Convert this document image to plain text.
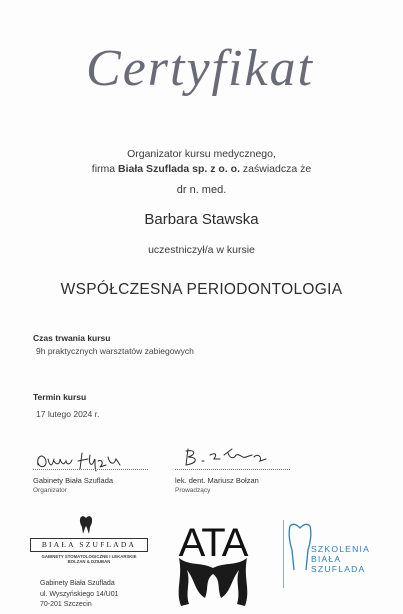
Certyfikat
Organizator kursu medycznego,
firma Biała Szuflada sp. z o. o. zaświadcza że
dr n. med.
Barbara Stawska
uczestniczył/a w kursie
WSPÓŁCZESNA PERIODONTOLOGIA
Czas trwania kursu
9h praktycznych warsztatów zabiegowych
Termin kursu
17 lutego 2024 r.
Gabinety Biała Szuflada
Organizator
lek. dent. Mariusz Bołzan
Prowadzący
BIAŁA SZUFLADA
GABINETY STOMATOLOGICZNE I LEKARSKIE
BOLZAN & DZIUBAN
Gabinety Biała Szuflada
ul. Wyszyńskiego 14/U01
70-201 Szczecin
ATA	SZKOLENIA
BIAŁA
SZUFLADA
